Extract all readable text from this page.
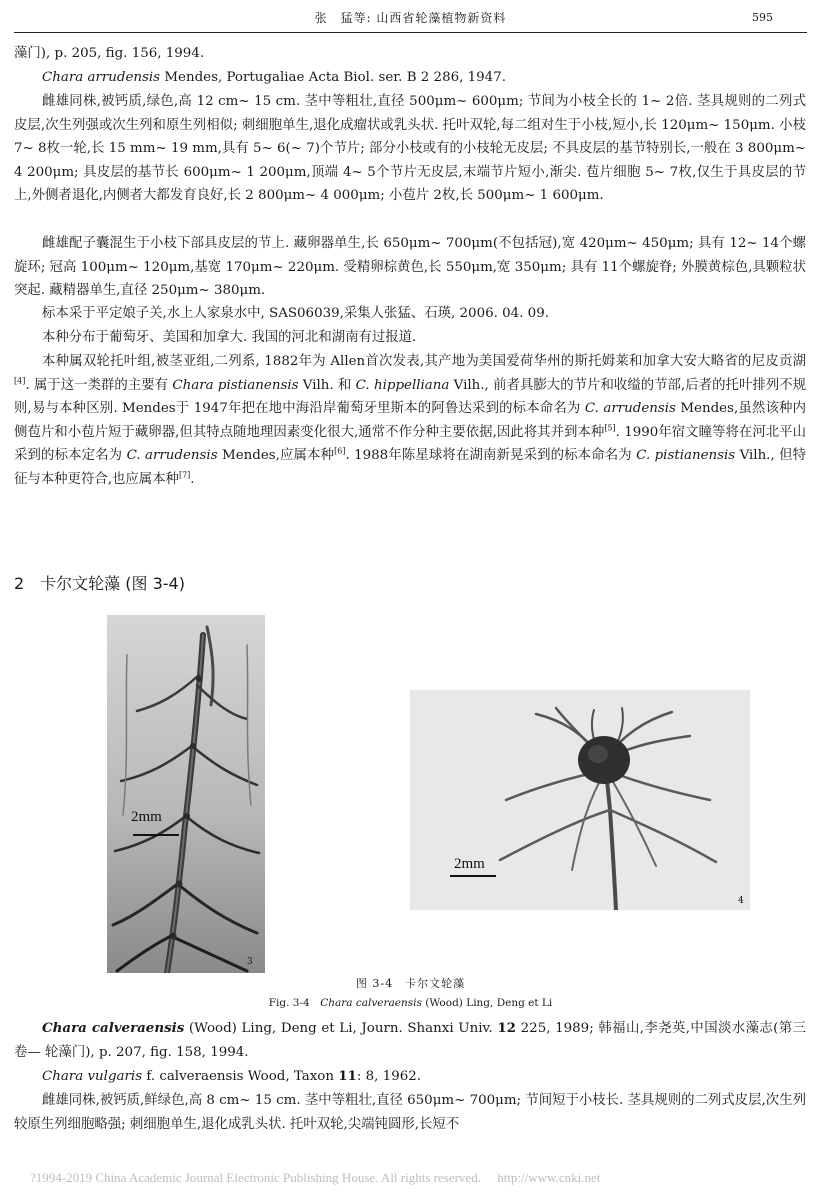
张　猛等: 山西省轮藻植物新资料	595

藻门), p. 205, fig. 156, 1994.

Chara arrudensis Mendes, Portugaliae Acta Biol. ser. B 2 286, 1947.

雌雄同株,被钙质,绿色,高 12 cm~ 15 cm. 茎中等粗壮,直径 500μm~ 600μm; 节间为小枝全长的 1~ 2倍. 茎具规则的二列式皮层,次生列强或次生列和原生列相似; 刺细胞单生,退化成瘤状或乳头状. 托叶双轮,每二组对生于小枝,短小,长 120μm~ 150μm. 小枝 7~ 8枚一轮,长 15 mm~ 19 mm,具有 5~ 6(~ 7)个节片; 部分小枝或有的小枝轮无皮层; 不具皮层的基节特别长,一般在 3 800μm~ 4 200μm; 具皮层的基节长 600μm~ 1 200μm,顶端 4~ 5个节片无皮层,末端节片短小,渐尖. 苞片细胞 5~ 7枚,仅生于具皮层的节上,外侧者退化,内侧者大都发育良好,长 2 800μm~ 4 000μm; 小苞片 2枚,长 500μm~ 1 600μm.

雌雄配子囊混生于小枝下部具皮层的节上. 藏卵器单生,长 650μm~ 700μm(不包括冠),宽 420μm~ 450μm; 具有 12~ 14个螺旋环; 冠高 100μm~ 120μm,基宽 170μm~ 220μm. 受精卵棕黄色,长 550μm,宽 350μm; 具有 11个螺旋脊; 外膜黄棕色,具颗粒状突起. 藏精器单生,直径 250μm~ 380μm.

标本采于平定娘子关,水上人家泉水中, SAS06039,采集人张猛、石瑛, 2006. 04. 09.

本种分布于葡萄牙、美国和加拿大. 我国的河北和湖南有过报道.

本种属双轮托叶组,被茎亚组,二列系, 1882年为 Allen首次发表,其产地为美国爱荷华州的斯托姆莱和加拿大安大略省的尼皮贡湖[4]. 属于这一类群的主要有 Chara pistianensis Vilh. 和 C. hippelliana Vilh., 前者具膨大的节片和收缢的节部,后者的托叶排列不规则,易与本种区别. Mendes于 1947年把在地中海沿岸葡萄牙里斯本的阿鲁达采到的标本命名为 C. arrudensis Mendes,虽然该种内侧苞片和小苞片短于藏卵器,但其特点随地理因素变化很大,通常不作分种主要依据,因此将其并到本种[5]. 1990年宿文瞳等将在河北平山采到的标本定名为 C. arrudensis Mendes,应属本种[6]. 1988年陈星球将在湖南新晃采到的标本命名为 C. pistianensis Vilh., 但特征与本种更符合,也应属本种[7].

2　卡尔文轮藻 (图 3-4)
2mm
3
2mm
4
图 3-4　卡尔文轮藻
Fig. 3-4　Chara calveraensis (Wood) Ling, Deng et Li

Chara calveraensis (Wood) Ling, Deng et Li, Journ. Shanxi Univ. 12 225, 1989; 韩福山,李尧英,中国淡水藻志(第三卷— 轮藻门), p. 207, fig. 158, 1994.

Chara vulgaris f. calveraensis Wood, Taxon 11: 8, 1962.

雌雄同株,被钙质,鲜绿色,高 8 cm~ 15 cm. 茎中等粗壮,直径 650μm~ 700μm; 节间短于小枝长. 茎具规则的二列式皮层,次生列较原生列细胞略强; 刺细胞单生,退化成乳头状. 托叶双轮,尖端钝圆形,长短不

?1994-2019 China Academic Journal Electronic Publishing House. All rights reserved.　 http://www.cnki.net
